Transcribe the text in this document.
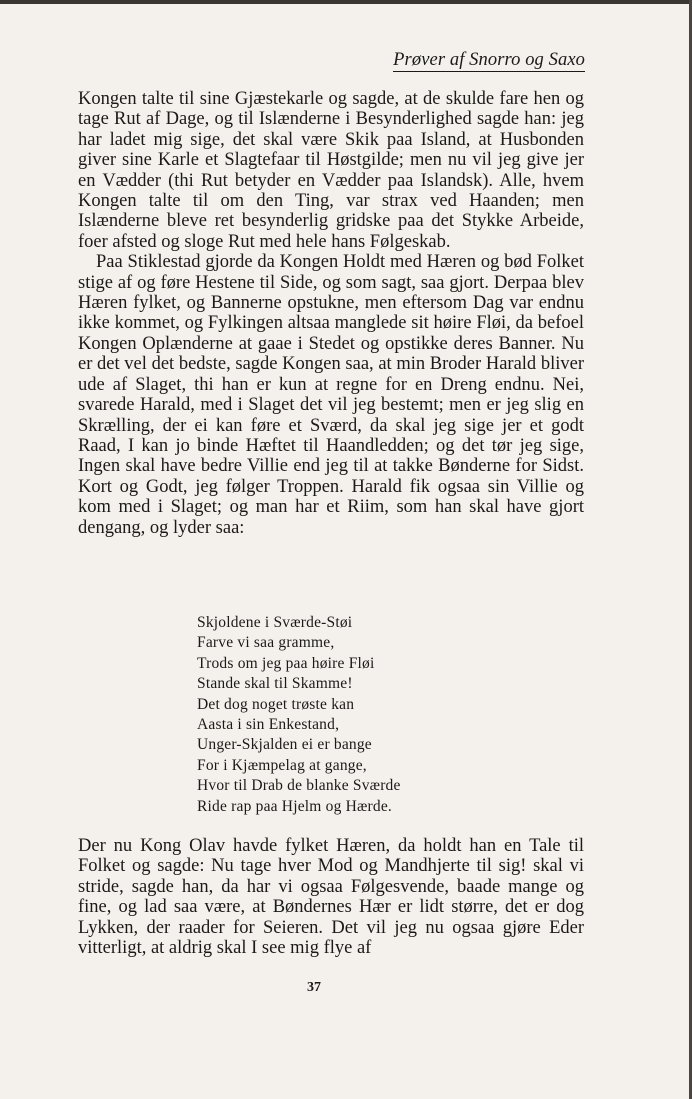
Prøver af Snorro og Saxo

Kongen talte til sine Gjæstekarle og sagde, at de skulde fare hen og tage Rut af Dage, og til Islænderne i Besynderlighed sagde han: jeg har ladet mig sige, det skal være Skik paa Island, at Husbonden giver sine Karle et Slagtefaar til Høstgilde; men nu vil jeg give jer en Vædder (thi Rut betyder en Vædder paa Islandsk). Alle, hvem Kongen talte til om den Ting, var strax ved Haanden; men Islænderne bleve ret besynderlig gridske paa det Stykke Arbeide, foer afsted og sloge Rut med hele hans Følgeskab.

Paa Stiklestad gjorde da Kongen Holdt med Hæren og bød Folket stige af og føre Hestene til Side, og som sagt, saa gjort. Derpaa blev Hæren fylket, og Bannerne opstukne, men eftersom Dag var endnu ikke kommet, og Fylkingen altsaa manglede sit høire Fløi, da befoel Kongen Oplænderne at gaae i Stedet og opstikke deres Banner. Nu er det vel det bedste, sagde Kongen saa, at min Broder Harald bliver ude af Slaget, thi han er kun at regne for en Dreng endnu. Nei, svarede Harald, med i Slaget det vil jeg bestemt; men er jeg slig en Skrælling, der ei kan føre et Sværd, da skal jeg sige jer et godt Raad, I kan jo binde Hæftet til Haandledden; og det tør jeg sige, Ingen skal have bedre Villie end jeg til at takke Bønderne for Sidst. Kort og Godt, jeg følger Troppen. Harald fik ogsaa sin Villie og kom med i Slaget; og man har et Riim, som han skal have gjort dengang, og lyder saa:

Skjoldene i Sværde-Støi
Farve vi saa gramme,
Trods om jeg paa høire Fløi
Stande skal til Skamme!
Det dog noget trøste kan
Aasta i sin Enkestand,
Unger-Skjalden ei er bange
For i Kjæmpelag at gange,
Hvor til Drab de blanke Sværde
Ride rap paa Hjelm og Hærde.

Der nu Kong Olav havde fylket Hæren, da holdt han en Tale til Folket og sagde: Nu tage hver Mod og Mandhjerte til sig! skal vi stride, sagde han, da har vi ogsaa Følgesvende, baade mange og fine, og lad saa være, at Bøndernes Hær er lidt større, det er dog Lykken, der raader for Seieren. Det vil jeg nu ogsaa gjøre Eder vitterligt, at aldrig skal I see mig flye af

37
